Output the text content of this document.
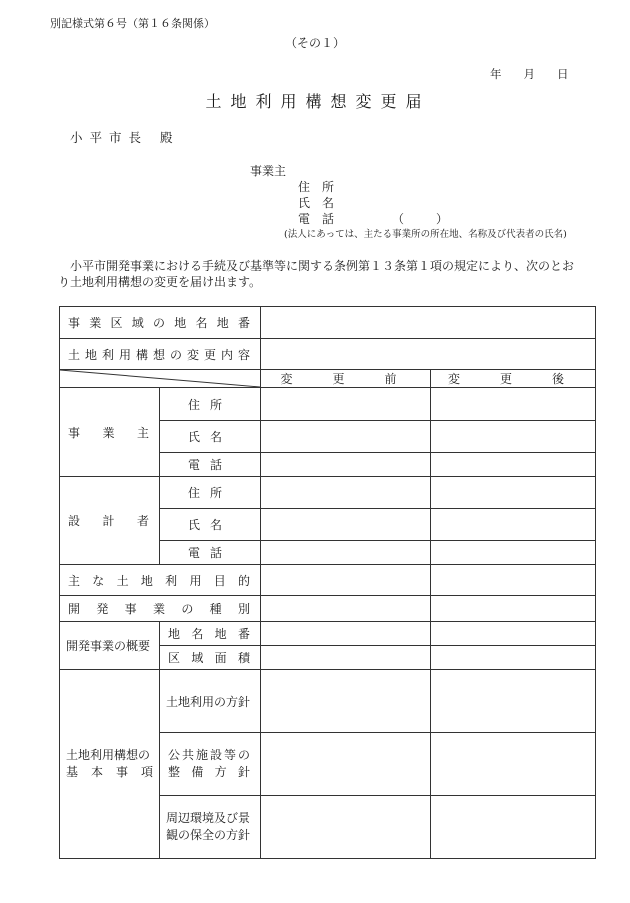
別記様式第６号（第１６条関係）
（その１）
年 月 日
土地利用構想変更届
小平市長 殿
事業主
住所
氏名
電話	（	）
(法人にあっては、主たる事業所の所在地、名称及び代表者の氏名)
小平市開発事業における手続及び基準等に関する条例第１３条第１項の規定により、次のとおり土地利用構想の変更を届け出ます。
事業区域の地名地番			

土地利用構想の変更内容			

	変　更　前	変　更　後

事業主	住所		
	氏名		
	電話		

設計者	住所		
	氏名		
	電話		

主な土地利用目的			

開発事業の種別			

開発事業の概要	地名地番		

	区域面積		

土地利用構想の
基本事項	土地利用の方針		

	公共施設等の
整備方針		

	周辺環境及び景
観の保全の方針		
